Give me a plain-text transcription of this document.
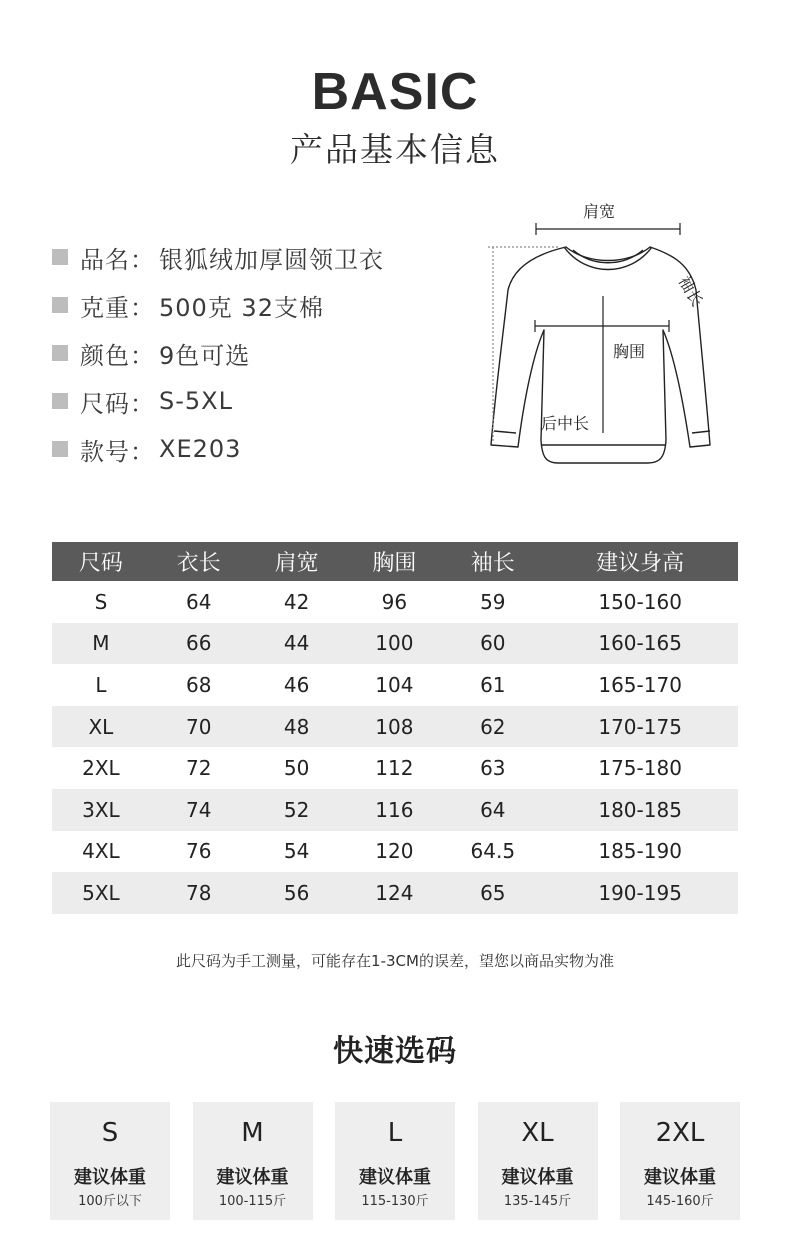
BASIC
产品基本信息
品名： 银狐绒加厚圆领卫衣
克重： 500克 32支棉
颜色： 9色可选
尺码： S-5XL
款号： XE203
肩宽
袖长
胸围
后中长
尺码	衣长	肩宽	胸围	袖长	建议身高
S	64	42	96	59	150-160
M	66	44	100	60	160-165
L	68	46	104	61	165-170
XL	70	48	108	62	170-175
2XL	72	50	112	63	175-180
3XL	74	52	116	64	180-185
4XL	76	54	120	64.5	185-190
5XL	78	56	124	65	190-195
此尺码为手工测量，可能存在1-3CM的误差，望您以商品实物为准
快速选码
S
建议体重
100斤以下
M
建议体重
100-115斤
L
建议体重
115-130斤
XL
建议体重
135-145斤
2XL
建议体重
145-160斤
